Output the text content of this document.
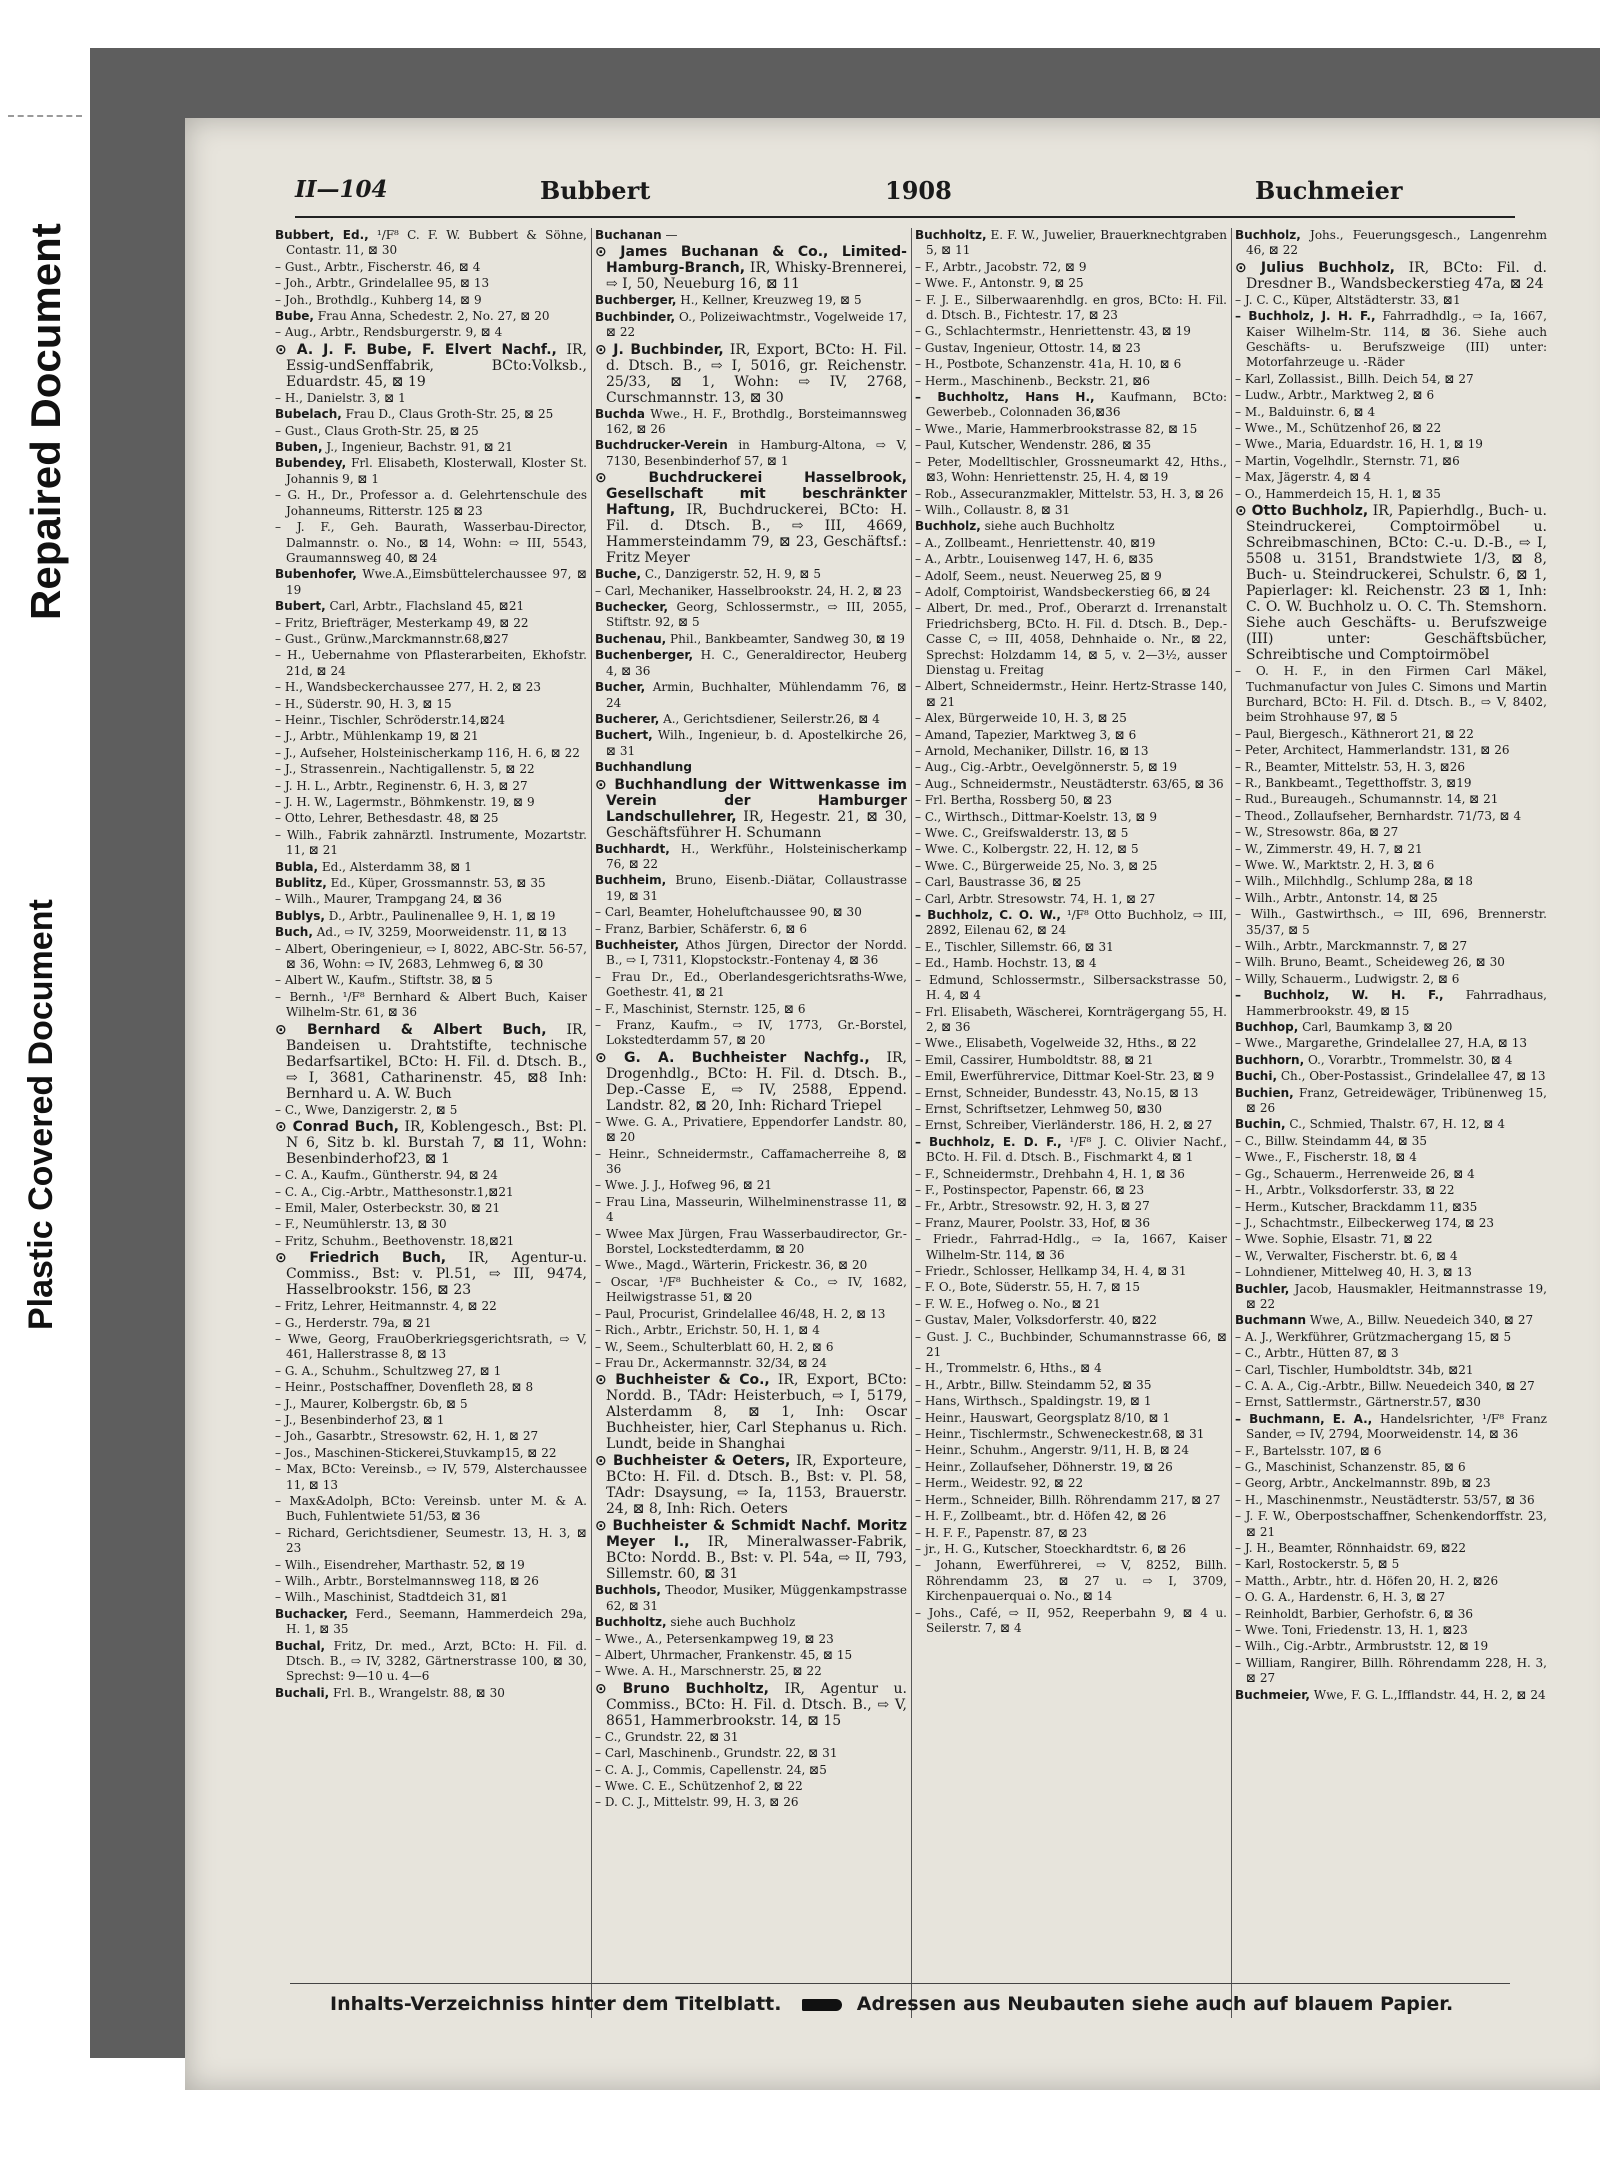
Plastic Covered Document
Repaired Document
II—104	Bubbert	1908	Buchmeier

Bubbert, Ed., ¹/F⁸ C. F. W. Bubbert & Söhne, Contastr. 11, ⊠ 30

– Gust., Arbtr., Fischerstr. 46, ⊠ 4

– Joh., Arbtr., Grindelallee 95, ⊠ 13

– Joh., Brothdlg., Kuhberg 14, ⊠ 9

Bube, Frau Anna, Schedestr. 2, No. 27, ⊠ 20

– Aug., Arbtr., Rendsburgerstr. 9, ⊠ 4

⊙ A. J. F. Bube, F. Elvert Nachf., IR, Essig-undSenffabrik, BCto:Volksb., Eduardstr. 45, ⊠ 19

– H., Danielstr. 3, ⊠ 1

Bubelach, Frau D., Claus Groth-Str. 25, ⊠ 25

– Gust., Claus Groth-Str. 25, ⊠ 25

Buben, J., Ingenieur, Bachstr. 91, ⊠ 21

Bubendey, Frl. Elisabeth, Klosterwall, Kloster St. Johannis 9, ⊠ 1

– G. H., Dr., Professor a. d. Gelehrtenschule des Johanneums, Ritterstr. 125 ⊠ 23

– J. F., Geh. Baurath, Wasserbau-Director, Dalmannstr. o. No., ⊠ 14, Wohn: ⇨ III, 5543, Graumannsweg 40, ⊠ 24

Bubenhofer, Wwe.A.,Eimsbüttelerchaussee 97, ⊠ 19

Bubert, Carl, Arbtr., Flachsland 45, ⊠21

– Fritz, Briefträger, Mesterkamp 49, ⊠ 22

– Gust., Grünw.,Marckmannstr.68,⊠27

– H., Uebernahme von Pflasterarbeiten, Ekhofstr. 21d, ⊠ 24

– H., Wandsbeckerchaussee 277, H. 2, ⊠ 23

– H., Süderstr. 90, H. 3, ⊠ 15

– Heinr., Tischler, Schröderstr.14,⊠24

– J., Arbtr., Mühlenkamp 19, ⊠ 21

– J., Aufseher, Holsteinischerkamp 116, H. 6, ⊠ 22

– J., Strassenrein., Nachtigallenstr. 5, ⊠ 22

– J. H. L., Arbtr., Reginenstr. 6, H. 3, ⊠ 27

– J. H. W., Lagermstr., Böhmkenstr. 19, ⊠ 9

– Otto, Lehrer, Bethesdastr. 48, ⊠ 25

– Wilh., Fabrik zahnärztl. Instrumente, Mozartstr. 11, ⊠ 21

Bubla, Ed., Alsterdamm 38, ⊠ 1

Bublitz, Ed., Küper, Grossmannstr. 53, ⊠ 35

– Wilh., Maurer, Trampgang 24, ⊠ 36

Bublys, D., Arbtr., Paulinenallee 9, H. 1, ⊠ 19

Buch, Ad., ⇨ IV, 3259, Moorweidenstr. 11, ⊠ 13

– Albert, Oberingenieur, ⇨ I, 8022, ABC-Str. 56-57, ⊠ 36, Wohn: ⇨ IV, 2683, Lehmweg 6, ⊠ 30

– Albert W., Kaufm., Stiftstr. 38, ⊠ 5

– Bernh., ¹/F⁸ Bernhard & Albert Buch, Kaiser Wilhelm-Str. 61, ⊠ 36

⊙ Bernhard & Albert Buch, IR, Bandeisen u. Drahtstifte, technische Bedarfsartikel, BCto: H. Fil. d. Dtsch. B., ⇨ I, 3681, Catharinenstr. 45, ⊠8 Inh: Bernhard u. A. W. Buch

– C., Wwe, Danzigerstr. 2, ⊠ 5

⊙ Conrad Buch, IR, Koblengesch., Bst: Pl. N 6, Sitz b. kl. Burstah 7, ⊠ 11, Wohn: Besenbinderhof23, ⊠ 1

– C. A., Kaufm., Güntherstr. 94, ⊠ 24

– C. A., Cig.-Arbtr., Matthesonstr.1,⊠21

– Emil, Maler, Osterbeckstr. 30, ⊠ 21

– F., Neumühlerstr. 13, ⊠ 30

– Fritz, Schuhm., Beethovenstr. 18,⊠21

⊙ Friedrich Buch, IR, Agentur-u. Commiss., Bst: v. Pl.51, ⇨ III, 9474, Hasselbrookstr. 156, ⊠ 23

– Fritz, Lehrer, Heitmannstr. 4, ⊠ 22

– G., Herderstr. 79a, ⊠ 21

– Wwe, Georg, FrauOberkriegsgerichtsrath, ⇨ V, 461, Hallerstrasse 8, ⊠ 13

– G. A., Schuhm., Schultzweg 27, ⊠ 1

– Heinr., Postschaffner, Dovenfleth 28, ⊠ 8

– J., Maurer, Kolbergstr. 6b, ⊠ 5

– J., Besenbinderhof 23, ⊠ 1

– Joh., Gasarbtr., Stresowstr. 62, H. 1, ⊠ 27

– Jos., Maschinen-Stickerei,Stuvkamp15, ⊠ 22

– Max, BCto: Vereinsb., ⇨ IV, 579, Alsterchaussee 11, ⊠ 13

– Max&Adolph, BCto: Vereinsb. unter M. & A. Buch, Fuhlentwiete 51/53, ⊠ 36

– Richard, Gerichtsdiener, Seumestr. 13, H. 3, ⊠ 23

– Wilh., Eisendreher, Marthastr. 52, ⊠ 19

– Wilh., Arbtr., Borstelmannsweg 118, ⊠ 26

– Wilh., Maschinist, Stadtdeich 31, ⊠1

Buchacker, Ferd., Seemann, Hammerdeich 29a, H. 1, ⊠ 35

Buchal, Fritz, Dr. med., Arzt, BCto: H. Fil. d. Dtsch. B., ⇨ IV, 3282, Gärtnerstrasse 100, ⊠ 30, Sprechst: 9—10 u. 4—6

Buchali, Frl. B., Wrangelstr. 88, ⊠ 30

Buchanan —

⊙ James Buchanan & Co., Limited-Hamburg-Branch, IR, Whisky-Brennerei, ⇨ I, 50, Neueburg 16, ⊠ 11

Buchberger, H., Kellner, Kreuzweg 19, ⊠ 5

Buchbinder, O., Polizeiwachtmstr., Vogelweide 17, ⊠ 22

⊙ J. Buchbinder, IR, Export, BCto: H. Fil. d. Dtsch. B., ⇨ I, 5016, gr. Reichenstr. 25/33, ⊠ 1, Wohn: ⇨ IV, 2768, Curschmannstr. 13, ⊠ 30

Buchda Wwe., H. F., Brothdlg., Borsteimannsweg 162, ⊠ 26

Buchdrucker-Verein in Hamburg-Altona, ⇨ V, 7130, Besenbinderhof 57, ⊠ 1

⊙ Buchdruckerei Hasselbrook, Gesellschaft mit beschränkter Haftung, IR, Buchdruckerei, BCto: H. Fil. d. Dtsch. B., ⇨ III, 4669, Hammersteindamm 79, ⊠ 23, Geschäftsf.: Fritz Meyer

Buche, C., Danzigerstr. 52, H. 9, ⊠ 5

– Carl, Mechaniker, Hasselbrookstr. 24, H. 2, ⊠ 23

Buchecker, Georg, Schlossermstr., ⇨ III, 2055, Stiftstr. 92, ⊠ 5

Buchenau, Phil., Bankbeamter, Sandweg 30, ⊠ 19

Buchenberger, H. C., Generaldirector, Heuberg 4, ⊠ 36

Bucher, Armin, Buchhalter, Mühlendamm 76, ⊠ 24

Bucherer, A., Gerichtsdiener, Seilerstr.26, ⊠ 4

Buchert, Wilh., Ingenieur, b. d. Apostelkirche 26, ⊠ 31

Buchhandlung

⊙ Buchhandlung der Wittwenkasse im Verein der Hamburger Landschullehrer, IR, Hegestr. 21, ⊠ 30, Geschäftsführer H. Schumann

Buchhardt, H., Werkführ., Holsteinischerkamp 76, ⊠ 22

Buchheim, Bruno, Eisenb.-Diätar, Collaustrasse 19, ⊠ 31

– Carl, Beamter, Hoheluftchaussee 90, ⊠ 30

– Franz, Barbier, Schäferstr. 6, ⊠ 6

Buchheister, Athos Jürgen, Director der Nordd. B., ⇨ I, 7311, Klopstockstr.-Fontenay 4, ⊠ 36

– Frau Dr., Ed., Oberlandesgerichtsraths-Wwe, Goethestr. 41, ⊠ 21

– F., Maschinist, Sternstr. 125, ⊠ 6

– Franz, Kaufm., ⇨ IV, 1773, Gr.-Borstel, Lokstedterdamm 57, ⊠ 20

⊙ G. A. Buchheister Nachfg., IR, Drogenhdlg., BCto: H. Fil. d. Dtsch. B., Dep.-Casse E, ⇨ IV, 2588, Eppend. Landstr. 82, ⊠ 20, Inh: Richard Triepel

– Wwe. G. A., Privatiere, Eppendorfer Landstr. 80, ⊠ 20

– Heinr., Schneidermstr., Caffamacherreihe 8, ⊠ 36

– Wwe. J. J., Hofweg 96, ⊠ 21

– Frau Lina, Masseurin, Wilhelminenstrasse 11, ⊠ 4

– Wwee Max Jürgen, Frau Wasserbaudirector, Gr.-Borstel, Lockstedterdamm, ⊠ 20

– Wwe., Magd., Wärterin, Frickestr. 36, ⊠ 20

– Oscar, ¹/F⁸ Buchheister & Co., ⇨ IV, 1682, Heilwigstrasse 51, ⊠ 20

– Paul, Procurist, Grindelallee 46/48, H. 2, ⊠ 13

– Rich., Arbtr., Erichstr. 50, H. 1, ⊠ 4

– W., Seem., Schulterblatt 60, H. 2, ⊠ 6

– Frau Dr., Ackermannstr. 32/34, ⊠ 24

⊙ Buchheister & Co., IR, Export, BCto: Nordd. B., TAdr: Heisterbuch, ⇨ I, 5179, Alsterdamm 8, ⊠ 1, Inh: Oscar Buchheister, hier, Carl Stephanus u. Rich. Lundt, beide in Shanghai

⊙ Buchheister & Oeters, IR, Exporteure, BCto: H. Fil. d. Dtsch. B., Bst: v. Pl. 58, TAdr: Dsaysung, ⇨ Ia, 1153, Brauerstr. 24, ⊠ 8, Inh: Rich. Oeters

⊙ Buchheister & Schmidt Nachf. Moritz Meyer I., IR, Mineralwasser-Fabrik, BCto: Nordd. B., Bst: v. Pl. 54a, ⇨ II, 793, Sillemstr. 60, ⊠ 31

Buchhols, Theodor, Musiker, Müggenkampstrasse 62, ⊠ 31

Buchholtz, siehe auch Buchholz

– Wwe., A., Petersenkampweg 19, ⊠ 23

– Albert, Uhrmacher, Frankenstr. 45, ⊠ 15

– Wwe. A. H., Marschnerstr. 25, ⊠ 22

⊙ Bruno Buchholtz, IR, Agentur u. Commiss., BCto: H. Fil. d. Dtsch. B., ⇨ V, 8651, Hammerbrookstr. 14, ⊠ 15

– C., Grundstr. 22, ⊠ 31

– Carl, Maschinenb., Grundstr. 22, ⊠ 31

– C. A. J., Commis, Capellenstr. 24, ⊠5

– Wwe. C. E., Schützenhof 2, ⊠ 22

– D. C. J., Mittelstr. 99, H. 3, ⊠ 26

Buchholtz, E. F. W., Juwelier, Brauerknechtgraben 5, ⊠ 11

– F., Arbtr., Jacobstr. 72, ⊠ 9

– Wwe. F., Antonstr. 9, ⊠ 25

– F. J. E., Silberwaarenhdlg. en gros, BCto: H. Fil. d. Dtsch. B., Fichtestr. 17, ⊠ 23

– G., Schlachtermstr., Henriettenstr. 43, ⊠ 19

– Gustav, Ingenieur, Ottostr. 14, ⊠ 23

– H., Postbote, Schanzenstr. 41a, H. 10, ⊠ 6

– Herm., Maschinenb., Beckstr. 21, ⊠6

– Buchholtz, Hans H., Kaufmann, BCto: Gewerbeb., Colonnaden 36,⊠36

– Wwe., Marie, Hammerbrookstrasse 82, ⊠ 15

– Paul, Kutscher, Wendenstr. 286, ⊠ 35

– Peter, Modelltischler, Grossneumarkt 42, Hths., ⊠3, Wohn: Henriettenstr. 25, H. 4, ⊠ 19

– Rob., Assecuranzmakler, Mittelstr. 53, H. 3, ⊠ 26

– Wilh., Collaustr. 8, ⊠ 31

Buchholz, siehe auch Buchholtz

– A., Zollbeamt., Henriettenstr. 40, ⊠19

– A., Arbtr., Louisenweg 147, H. 6, ⊠35

– Adolf, Seem., neust. Neuerweg 25, ⊠ 9

– Adolf, Comptoirist, Wandsbeckerstieg 66, ⊠ 24

– Albert, Dr. med., Prof., Oberarzt d. Irrenanstalt Friedrichsberg, BCto. H. Fil. d. Dtsch. B., Dep.-Casse C, ⇨ III, 4058, Dehnhaide o. Nr., ⊠ 22, Sprechst: Holzdamm 14, ⊠ 5, v. 2—3½, ausser Dienstag u. Freitag

– Albert, Schneidermstr., Heinr. Hertz-Strasse 140, ⊠ 21

– Alex, Bürgerweide 10, H. 3, ⊠ 25

– Amand, Tapezier, Marktweg 3, ⊠ 6

– Arnold, Mechaniker, Dillstr. 16, ⊠ 13

– Aug., Cig.-Arbtr., Oevelgönnerstr. 5, ⊠ 19

– Aug., Schneidermstr., Neustädterstr. 63/65, ⊠ 36

– Frl. Bertha, Rossberg 50, ⊠ 23

– C., Wirthsch., Dittmar-Koelstr. 13, ⊠ 9

– Wwe. C., Greifswalderstr. 13, ⊠ 5

– Wwe. C., Kolbergstr. 22, H. 12, ⊠ 5

– Wwe. C., Bürgerweide 25, No. 3, ⊠ 25

– Carl, Baustrasse 36, ⊠ 25

– Carl, Arbtr. Stresowstr. 74, H. 1, ⊠ 27

– Buchholz, C. O. W., ¹/F⁸ Otto Buchholz, ⇨ III, 2892, Eilenau 62, ⊠ 24

– E., Tischler, Sillemstr. 66, ⊠ 31

– Ed., Hamb. Hochstr. 13, ⊠ 4

– Edmund, Schlossermstr., Silbersackstrasse 50, H. 4, ⊠ 4

– Frl. Elisabeth, Wäscherei, Kornträgergang 55, H. 2, ⊠ 36

– Wwe., Elisabeth, Vogelweide 32, Hths., ⊠ 22

– Emil, Cassirer, Humboldtstr. 88, ⊠ 21

– Emil, Ewerführervice, Dittmar Koel-Str. 23, ⊠ 9

– Ernst, Schneider, Bundesstr. 43, No.15, ⊠ 13

– Ernst, Schriftsetzer, Lehmweg 50, ⊠30

– Ernst, Schreiber, Vierländerstr. 186, H. 2, ⊠ 27

– Buchholz, E. D. F., ¹/F⁸ J. C. Olivier Nachf., BCto. H. Fil. d. Dtsch. B., Fischmarkt 4, ⊠ 1

– F., Schneidermstr., Drehbahn 4, H. 1, ⊠ 36

– F., Postinspector, Papenstr. 66, ⊠ 23

– Fr., Arbtr., Stresowstr. 92, H. 3, ⊠ 27

– Franz, Maurer, Poolstr. 33, Hof, ⊠ 36

– Friedr., Fahrrad-Hdlg., ⇨ Ia, 1667, Kaiser Wilhelm-Str. 114, ⊠ 36

– Friedr., Schlosser, Hellkamp 34, H. 4, ⊠ 31

– F. O., Bote, Süderstr. 55, H. 7, ⊠ 15

– F. W. E., Hofweg o. No., ⊠ 21

– Gustav, Maler, Volksdorferstr. 40, ⊠22

– Gust. J. C., Buchbinder, Schumannstrasse 66, ⊠ 21

– H., Trommelstr. 6, Hths., ⊠ 4

– H., Arbtr., Billw. Steindamm 52, ⊠ 35

– Hans, Wirthsch., Spaldingstr. 19, ⊠ 1

– Heinr., Hauswart, Georgsplatz 8/10, ⊠ 1

– Heinr., Tischlermstr., Schweneckestr.68, ⊠ 31

– Heinr., Schuhm., Angerstr. 9/11, H. B, ⊠ 24

– Heinr., Zollaufseher, Döhnerstr. 19, ⊠ 26

– Herm., Weidestr. 92, ⊠ 22

– Herm., Schneider, Billh. Röhrendamm 217, ⊠ 27

– H. F., Zollbeamt., btr. d. Höfen 42, ⊠ 26

– H. F. F., Papenstr. 87, ⊠ 23

– jr., H. G., Kutscher, Stoeckhardtstr. 6, ⊠ 26

– Johann, Ewerführerei, ⇨ V, 8252, Billh. Röhrendamm 23, ⊠ 27 u. ⇨ I, 3709, Kirchenpauerquai o. No., ⊠ 14

– Johs., Café, ⇨ II, 952, Reeperbahn 9, ⊠ 4 u. Seilerstr. 7, ⊠ 4

Buchholz, Johs., Feuerungsgesch., Langenrehm 46, ⊠ 22

⊙ Julius Buchholz, IR, BCto: Fil. d. Dresdner B., Wandsbeckerstieg 47a, ⊠ 24

– J. C. C., Küper, Altstädterstr. 33, ⊠1

– Buchholz, J. H. F., Fahrradhdlg., ⇨ Ia, 1667, Kaiser Wilhelm-Str. 114, ⊠ 36. Siehe auch Geschäfts- u. Berufszweige (III) unter: Motorfahrzeuge u. -Räder

– Karl, Zollassist., Billh. Deich 54, ⊠ 27

– Ludw., Arbtr., Marktweg 2, ⊠ 6

– M., Balduinstr. 6, ⊠ 4

– Wwe., M., Schützenhof 26, ⊠ 22

– Wwe., Maria, Eduardstr. 16, H. 1, ⊠ 19

– Martin, Vogelhdlr., Sternstr. 71, ⊠6

– Max, Jägerstr. 4, ⊠ 4

– O., Hammerdeich 15, H. 1, ⊠ 35

⊙ Otto Buchholz, IR, Papierhdlg., Buch- u. Steindruckerei, Comptoirmöbel u. Schreibmaschinen, BCto: C.-u. D.-B., ⇨ I, 5508 u. 3151, Brandstwiete 1/3, ⊠ 8, Buch- u. Steindruckerei, Schulstr. 6, ⊠ 1, Papierlager: kl. Reichenstr. 23 ⊠ 1, Inh: C. O. W. Buchholz u. O. C. Th. Stemshorn. Siehe auch Geschäfts- u. Berufszweige (III) unter: Geschäftsbücher, Schreibtische und Comptoirmöbel

– O. H. F., in den Firmen Carl Mäkel, Tuchmanufactur von Jules C. Simons und Martin Burchard, BCto: H. Fil. d. Dtsch. B., ⇨ V, 8402, beim Strohhause 97, ⊠ 5

– Paul, Biergesch., Käthnerort 21, ⊠ 22

– Peter, Architect, Hammerlandstr. 131, ⊠ 26

– R., Beamter, Mittelstr. 53, H. 3, ⊠26

– R., Bankbeamt., Tegetthoffstr. 3, ⊠19

– Rud., Bureaugeh., Schumannstr. 14, ⊠ 21

– Theod., Zollaufseher, Bernhardstr. 71/73, ⊠ 4

– W., Stresowstr. 86a, ⊠ 27

– W., Zimmerstr. 49, H. 7, ⊠ 21

– Wwe. W., Marktstr. 2, H. 3, ⊠ 6

– Wilh., Milchhdlg., Schlump 28a, ⊠ 18

– Wilh., Arbtr., Antonstr. 14, ⊠ 25

– Wilh., Gastwirthsch., ⇨ III, 696, Brennerstr. 35/37, ⊠ 5

– Wilh., Arbtr., Marckmannstr. 7, ⊠ 27

– Wilh. Bruno, Beamt., Scheideweg 26, ⊠ 30

– Willy, Schauerm., Ludwigstr. 2, ⊠ 6

– Buchholz, W. H. F., Fahrradhaus, Hammerbrookstr. 49, ⊠ 15

Buchhop, Carl, Baumkamp 3, ⊠ 20

– Wwe., Margarethe, Grindelallee 27, H.A, ⊠ 13

Buchhorn, O., Vorarbtr., Trommelstr. 30, ⊠ 4

Buchi, Ch., Ober-Postassist., Grindelallee 47, ⊠ 13

Buchien, Franz, Getreidewäger, Tribünenweg 15, ⊠ 26

Buchin, C., Schmied, Thalstr. 67, H. 12, ⊠ 4

– C., Billw. Steindamm 44, ⊠ 35

– Wwe., F., Fischerstr. 18, ⊠ 4

– Gg., Schauerm., Herrenweide 26, ⊠ 4

– H., Arbtr., Volksdorferstr. 33, ⊠ 22

– Herm., Kutscher, Brackdamm 11, ⊠35

– J., Schachtmstr., Eilbeckerweg 174, ⊠ 23

– Wwe. Sophie, Elsastr. 71, ⊠ 22

– W., Verwalter, Fischerstr. bt. 6, ⊠ 4

– Lohndiener, Mittelweg 40, H. 3, ⊠ 13

Buchler, Jacob, Hausmakler, Heitmannstrasse 19, ⊠ 22

Buchmann Wwe, A., Billw. Neuedeich 340, ⊠ 27

– A. J., Werkführer, Grützmachergang 15, ⊠ 5

– C., Arbtr., Hütten 87, ⊠ 3

– Carl, Tischler, Humboldtstr. 34b, ⊠21

– C. A. A., Cig.-Arbtr., Billw. Neuedeich 340, ⊠ 27

– Ernst, Sattlermstr., Gärtnerstr.57, ⊠30

– Buchmann, E. A., Handelsrichter, ¹/F⁸ Franz Sander, ⇨ IV, 2794, Moorweidenstr. 14, ⊠ 36

– F., Bartelsstr. 107, ⊠ 6

– G., Maschinist, Schanzenstr. 85, ⊠ 6

– Georg, Arbtr., Anckelmannstr. 89b, ⊠ 23

– H., Maschinenmstr., Neustädterstr. 53/57, ⊠ 36

– J. F. W., Oberpostschaffner, Schenkendorffstr. 23, ⊠ 21

– J. H., Beamter, Rönnhaidstr. 69, ⊠22

– Karl, Rostockerstr. 5, ⊠ 5

– Matth., Arbtr., htr. d. Höfen 20, H. 2, ⊠26

– O. G. A., Hardenstr. 6, H. 3, ⊠ 27

– Reinholdt, Barbier, Gerhofstr. 6, ⊠ 36

– Wwe. Toni, Friedenstr. 13, H. 1, ⊠23

– Wilh., Cig.-Arbtr., Armbruststr. 12, ⊠ 19

– William, Rangirer, Billh. Röhrendamm 228, H. 3, ⊠ 27

Buchmeier, Wwe, F. G. L.,Ifflandstr. 44, H. 2, ⊠ 24

Inhalts-Verzeichniss hinter dem Titelblatt.	Adressen aus Neubauten siehe auch auf blauem Papier.
